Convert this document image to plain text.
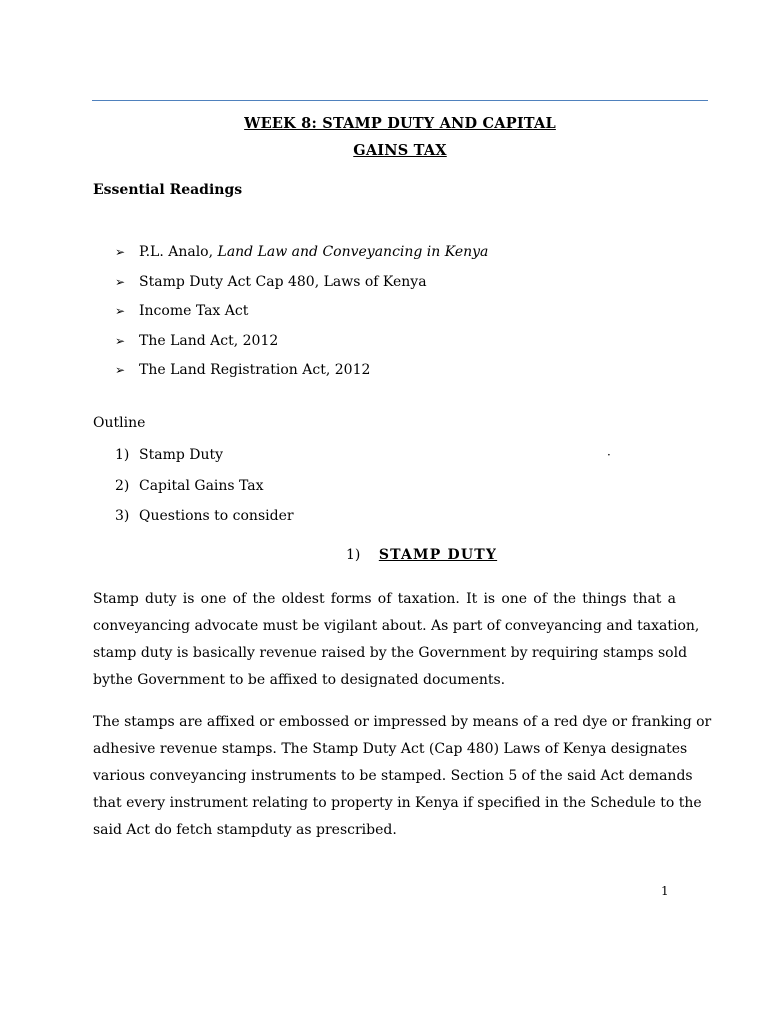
WEEK 8: STAMP DUTY AND CAPITAL
GAINS TAX
Essential Readings
➢ P.L. Analo, Land Law and Conveyancing in Kenya
➢ Stamp Duty Act Cap 480, Laws of Kenya
➢ Income Tax Act
➢ The Land Act, 2012
➢ The Land Registration Act, 2012
Outline
1) Stamp Duty
2) Capital Gains Tax
3) Questions to consider
·
1) STAMP DUTY

Stamp duty is one of the oldest forms of taxation. It is one of the things that a
conveyancing advocate must be vigilant about. As part of conveyancing and taxation,
stamp duty is basically revenue raised by the Government by requiring stamps sold
bythe Government to be affixed to designated documents.

The stamps are affixed or embossed or impressed by means of a red dye or franking or
adhesive revenue stamps. The Stamp Duty Act (Cap 480) Laws of Kenya designates
various conveyancing instruments to be stamped. Section 5 of the said Act demands
that every instrument relating to property in Kenya if specified in the Schedule to the
said Act do fetch stampduty as prescribed.

1
